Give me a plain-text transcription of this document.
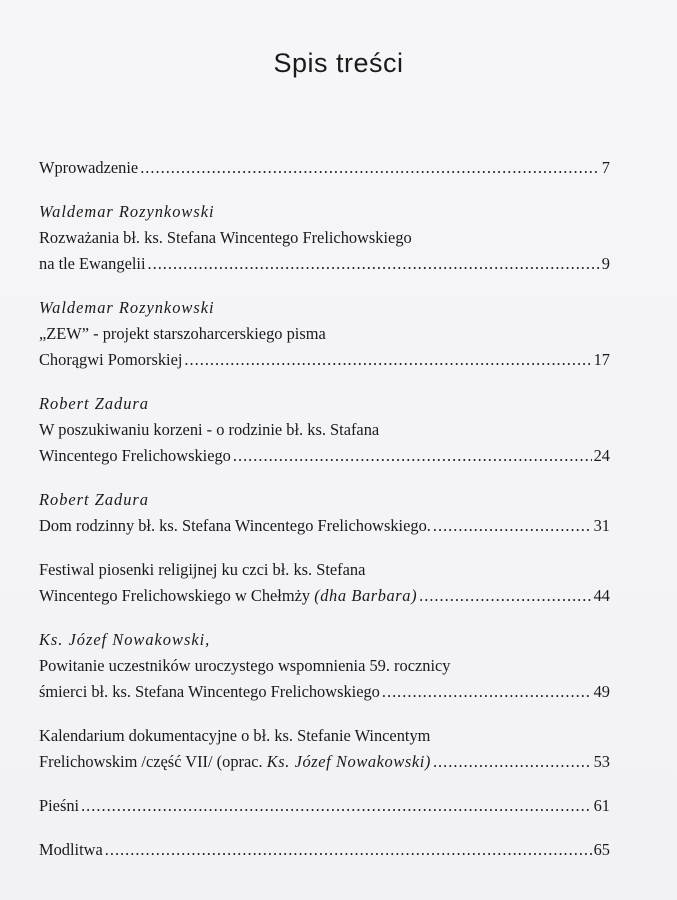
Spis treści
Wprowadzenie .....	7
Waldemar Rozynkowski
Rozważania bł. ks. Stefana Wincentego Frelichowskiego
na tle Ewangelii .....	9
Waldemar Rozynkowski
„ZEW” - projekt starszoharcerskiego pisma
Chorągwi Pomorskiej .....	17
Robert Zadura
W poszukiwaniu korzeni - o rodzinie bł. ks. Stafana
Wincentego Frelichowskiego .....	24
Robert Zadura
Dom rodzinny bł. ks. Stefana Wincentego Frelichowskiego. .....	31
Festiwal piosenki religijnej ku czci bł. ks. Stefana
Wincentego Frelichowskiego w Chełmży (dha Barbara) .....	44
Ks. Józef Nowakowski,
Powitanie uczestników uroczystego wspomnienia 59. rocznicy
śmierci bł. ks. Stefana Wincentego Frelichowskiego .....	49
Kalendarium dokumentacyjne o bł. ks. Stefanie Wincentym
Frelichowskim /część VII/ (oprac. Ks. Józef Nowakowski) .....	53
Pieśni .....	61
Modlitwa .....	65
